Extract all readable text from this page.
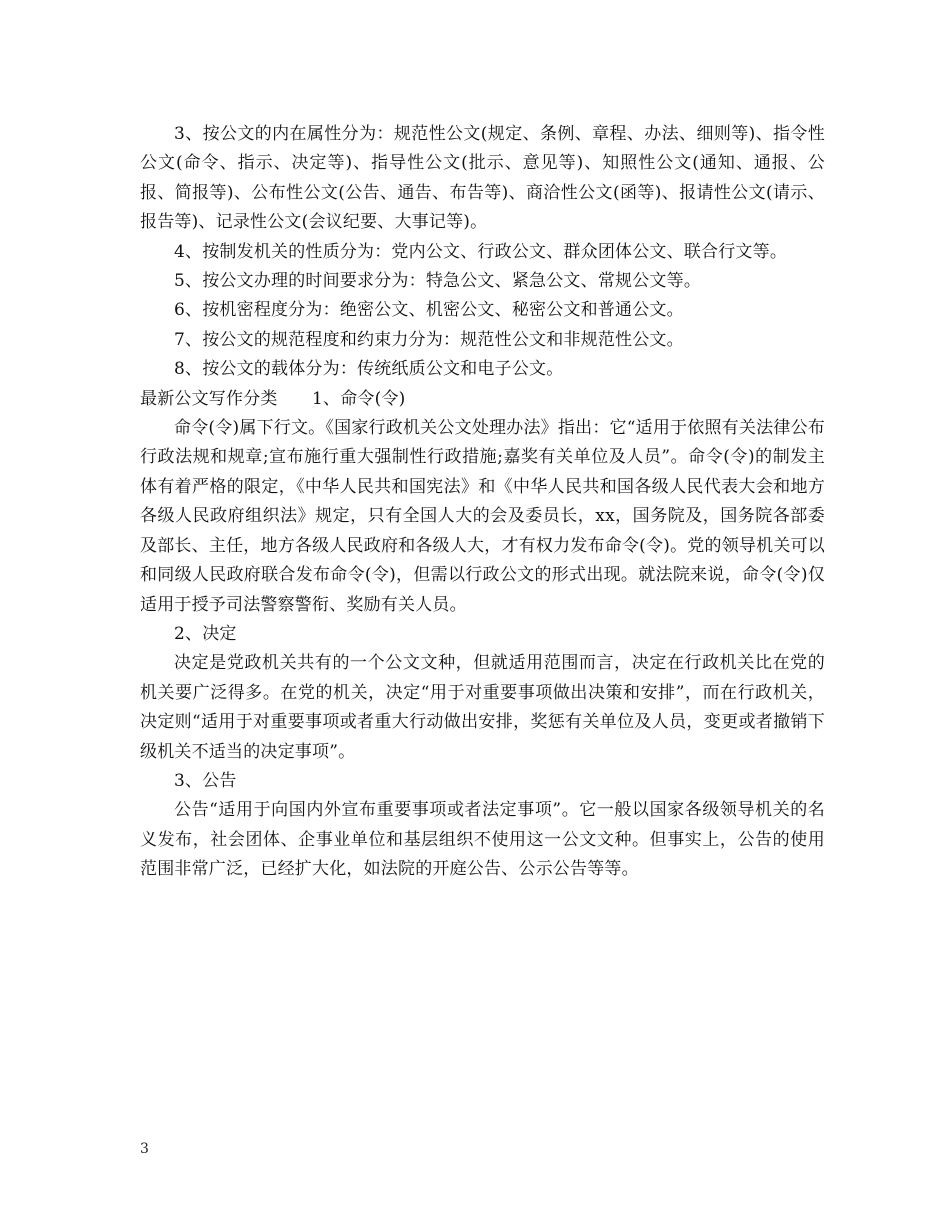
3、按公文的内在属性分为：规范性公文(规定、条例、章程、办法、细则等)、指令性公文(命令、指示、决定等)、指导性公文(批示、意见等)、知照性公文(通知、通报、公报、简报等)、公布性公文(公告、通告、布告等)、商洽性公文(函等)、报请性公文(请示、报告等)、记录性公文(会议纪要、大事记等)。

4、按制发机关的性质分为：党内公文、行政公文、群众团体公文、联合行文等。

5、按公文办理的时间要求分为：特急公文、紧急公文、常规公文等。

6、按机密程度分为：绝密公文、机密公文、秘密公文和普通公文。

7、按公文的规范程度和约束力分为：规范性公文和非规范性公文。

8、按公文的载体分为：传统纸质公文和电子公文。

最新公文写作分类　　1、命令(令)

命令(令)属下行文。《国家行政机关公文处理办法》指出：它“适用于依照有关法律公布行政法规和规章;宣布施行重大强制性行政措施;嘉奖有关单位及人员”。命令(令)的制发主体有着严格的限定，《中华人民共和国宪法》和《中华人民共和国各级人民代表大会和地方各级人民政府组织法》规定，只有全国人大的会及委员长，xx，国务院及，国务院各部委及部长、主任，地方各级人民政府和各级人大，才有权力发布命令(令)。党的领导机关可以和同级人民政府联合发布命令(令)，但需以行政公文的形式出现。就法院来说，命令(令)仅适用于授予司法警察警衔、奖励有关人员。

2、决定

决定是党政机关共有的一个公文文种，但就适用范围而言，决定在行政机关比在党的机关要广泛得多。在党的机关，决定“用于对重要事项做出决策和安排”，而在行政机关，决定则“适用于对重要事项或者重大行动做出安排，奖惩有关单位及人员，变更或者撤销下级机关不适当的决定事项”。

3、公告

公告“适用于向国内外宣布重要事项或者法定事项”。它一般以国家各级领导机关的名义发布，社会团体、企事业单位和基层组织不使用这一公文文种。但事实上，公告的使用范围非常广泛，已经扩大化，如法院的开庭公告、公示公告等等。

3
